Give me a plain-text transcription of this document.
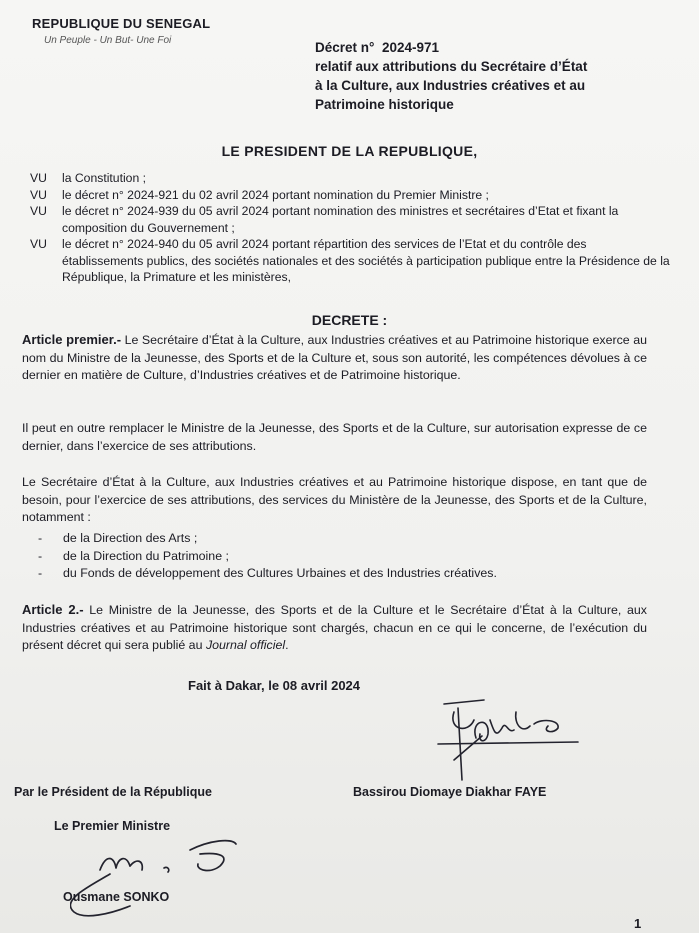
REPUBLIQUE DU SENEGAL
Un Peuple - Un But- Une Foi	Décret n° 2024-971
relatif aux attributions du Secrétaire d’État
à la Culture, aux Industries créatives et au
Patrimoine historique
LE PRESIDENT DE LA REPUBLIQUE,
VU	la Constitution ;
VU	le décret n° 2024-921 du 02 avril 2024 portant nomination du Premier Ministre ;
VU	le décret n° 2024-939 du 05 avril 2024 portant nomination des ministres et secrétaires d’Etat et fixant la composition du Gouvernement ;
VU	le décret n° 2024-940 du 05 avril 2024 portant répartition des services de l’Etat et du contrôle des établissements publics, des sociétés nationales et des sociétés à participation publique entre la Présidence de la République, la Primature et les ministères,
DECRETE :
Article premier.- Le Secrétaire d’État à la Culture, aux Industries créatives et au Patrimoine historique exerce au nom du Ministre de la Jeunesse, des Sports et de la Culture et, sous son autorité, les compétences dévolues à ce dernier en matière de Culture, d’Industries créatives et de Patrimoine historique.
Il peut en outre remplacer le Ministre de la Jeunesse, des Sports et de la Culture, sur autorisation expresse de ce dernier, dans l’exercice de ses attributions.
Le Secrétaire d’État à la Culture, aux Industries créatives et au Patrimoine historique dispose, en tant que de besoin, pour l’exercice de ses attributions, des services du Ministère de la Jeunesse, des Sports et de la Culture, notamment :
-	de la Direction des Arts ;
-	de la Direction du Patrimoine ;
-	du Fonds de développement des Cultures Urbaines et des Industries créatives.
Article 2.- Le Ministre de la Jeunesse, des Sports et de la Culture et le Secrétaire d’État à la Culture, aux Industries créatives et au Patrimoine historique sont chargés, chacun en ce qui le concerne, de l’exécution du présent décret qui sera publié au Journal officiel.
Fait à Dakar, le 08 avril 2024
Par le Président de la République	Bassirou Diomaye Diakhar FAYE
Le Premier Ministre
Ousmane SONKO
1
